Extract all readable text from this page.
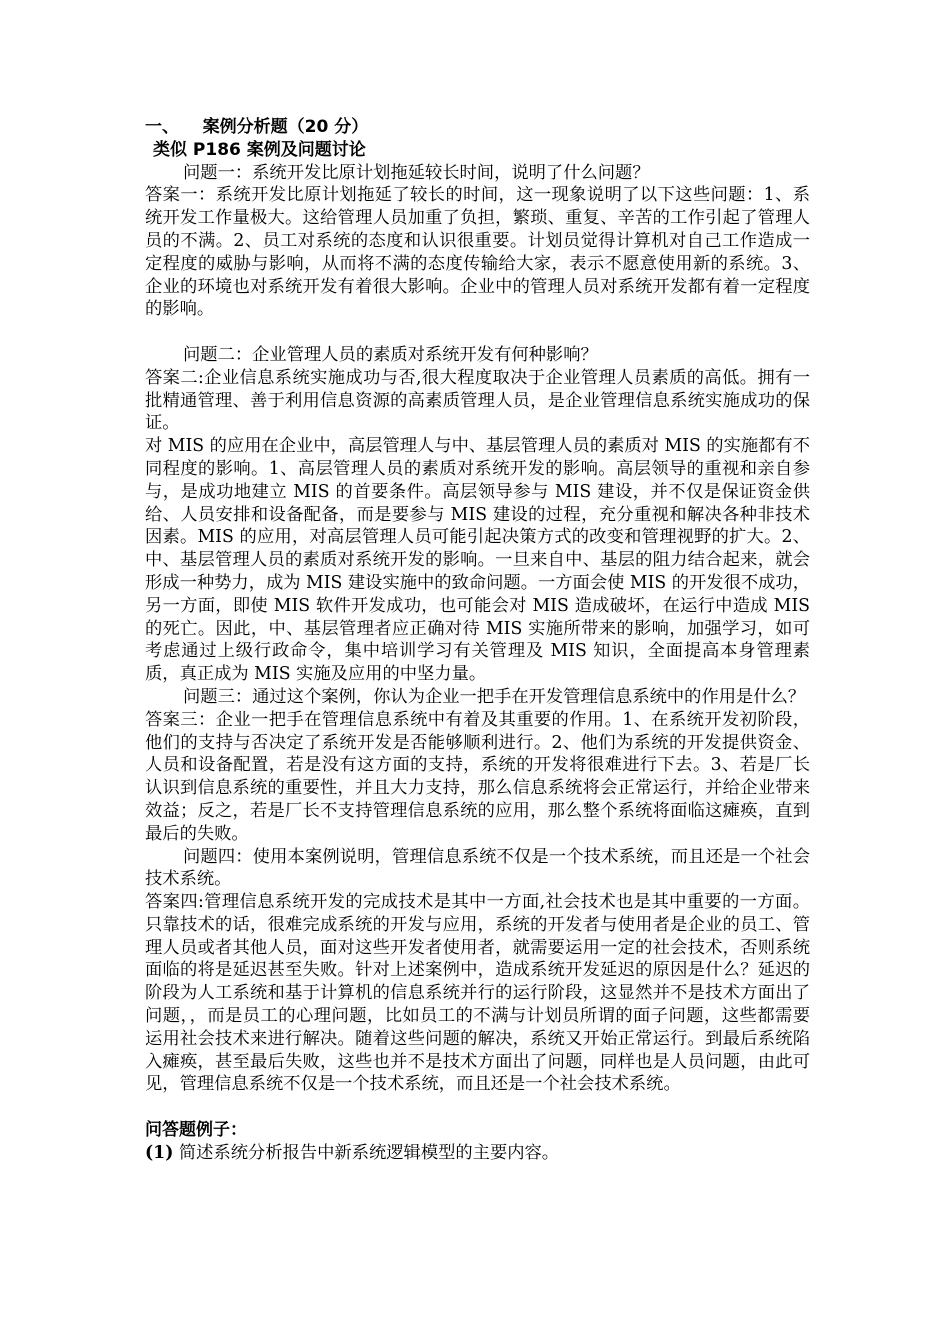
一、    案例分析题（20 分）
类似 P186 案例及问题讨论

问题一：系统开发比原计划拖延较长时间，说明了什么问题？

答案一：系统开发比原计划拖延了较长的时间，这一现象说明了以下这些问题：1、系统开发工作量极大。这给管理人员加重了负担，繁琐、重复、辛苦的工作引起了管理人员的不满。2、员工对系统的态度和认识很重要。计划员觉得计算机对自己工作造成一定程度的威胁与影响，从而将不满的态度传输给大家，表示不愿意使用新的系统。3、企业的环境也对系统开发有着很大影响。企业中的管理人员对系统开发都有着一定程度的影响。

问题二：企业管理人员的素质对系统开发有何种影响？

答案二:企业信息系统实施成功与否,很大程度取决于企业管理人员素质的高低。拥有一批精通管理、善于利用信息资源的高素质管理人员，是企业管理信息系统实施成功的保证。

对 MIS 的应用在企业中，高层管理人与中、基层管理人员的素质对 MIS 的实施都有不同程度的影响。1、高层管理人员的素质对系统开发的影响。高层领导的重视和亲自参与，是成功地建立 MIS 的首要条件。高层领导参与 MIS 建设，并不仅是保证资金供给、人员安排和设备配备，而是要参与 MIS 建设的过程，充分重视和解决各种非技术因素。MIS 的应用，对高层管理人员可能引起决策方式的改变和管理视野的扩大。2、中、基层管理人员的素质对系统开发的影响。一旦来自中、基层的阻力结合起来，就会形成一种势力，成为 MIS 建设实施中的致命问题。一方面会使 MIS 的开发很不成功，另一方面，即使 MIS 软件开发成功，也可能会对 MIS 造成破坏，在运行中造成 MIS 的死亡。因此，中、基层管理者应正确对待 MIS 实施所带来的影响，加强学习，如可考虑通过上级行政命令，集中培训学习有关管理及 MIS 知识，全面提高本身管理素质，真正成为 MIS 实施及应用的中坚力量。

问题三：通过这个案例，你认为企业一把手在开发管理信息系统中的作用是什么？

答案三：企业一把手在管理信息系统中有着及其重要的作用。1、在系统开发初阶段，他们的支持与否决定了系统开发是否能够顺利进行。2、他们为系统的开发提供资金、人员和设备配置，若是没有这方面的支持，系统的开发将很难进行下去。3、若是厂长认识到信息系统的重要性，并且大力支持，那么信息系统将会正常运行，并给企业带来效益；反之，若是厂长不支持管理信息系统的应用，那么整个系统将面临这瘫痪，直到最后的失败。

问题四：使用本案例说明，管理信息系统不仅是一个技术系统，而且还是一个社会技术系统。

答案四:管理信息系统开发的完成技术是其中一方面,社会技术也是其中重要的一方面。只靠技术的话，很难完成系统的开发与应用，系统的开发者与使用者是企业的员工、管理人员或者其他人员，面对这些开发者使用者，就需要运用一定的社会技术，否则系统面临的将是延迟甚至失败。针对上述案例中，造成系统开发延迟的原因是什么？延迟的阶段为人工系统和基于计算机的信息系统并行的运行阶段，这显然并不是技术方面出了问题，，而是员工的心理问题，比如员工的不满与计划员所谓的面子问题，这些都需要运用社会技术来进行解决。随着这些问题的解决，系统又开始正常运行。到最后系统陷入瘫痪，甚至最后失败，这些也并不是技术方面出了问题，同样也是人员问题，由此可见，管理信息系统不仅是一个技术系统，而且还是一个社会技术系统。

问答题例子：

(1) 简述系统分析报告中新系统逻辑模型的主要内容。
